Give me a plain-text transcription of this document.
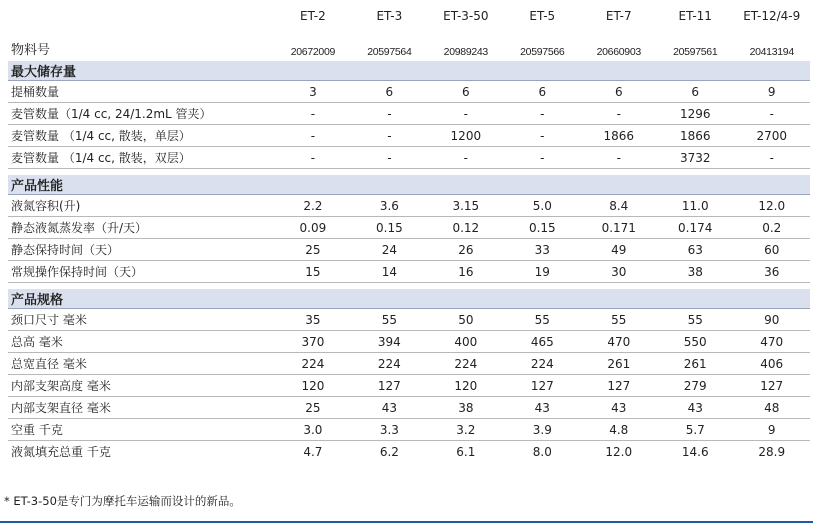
	ET-2	ET-3	ET-3-50	ET-5	ET-7	ET-11	ET-12/4-9
物料号	20672009	20597564	20989243	20597566	20660903	20597561	20413194
最大储存量							
提桶数量	3	6	6	6	6	6	9
麦管数量（1/4 cc, 24/1.2mL 管夹）	-	-	-	-	-	1296	-
麦管数量 （1/4 cc, 散装，单层）	-	-	1200	-	1866	1866	2700
麦管数量 （1/4 cc, 散装，双层）	-	-	-	-	-	3732	-

产品性能							
液氮容积(升)	2.2	3.6	3.15	5.0	8.4	11.0	12.0
静态液氮蒸发率（升/天）	0.09	0.15	0.12	0.15	0.171	0.174	0.2
静态保持时间（天）	25	24	26	33	49	63	60
常规操作保持时间（天）	15	14	16	19	30	38	36

产品规格							
颈口尺寸 毫米	35	55	50	55	55	55	90
总高 毫米	370	394	400	465	470	550	470
总宽直径 毫米	224	224	224	224	261	261	406
内部支架高度 毫米	120	127	120	127	127	279	127
内部支架直径 毫米	25	43	38	43	43	43	48
空重 千克	3.0	3.3	3.2	3.9	4.8	5.7	9
液氮填充总重 千克	4.7	6.2	6.1	8.0	12.0	14.6	28.9
* ET-3-50是专门为摩托车运输而设计的新品。
